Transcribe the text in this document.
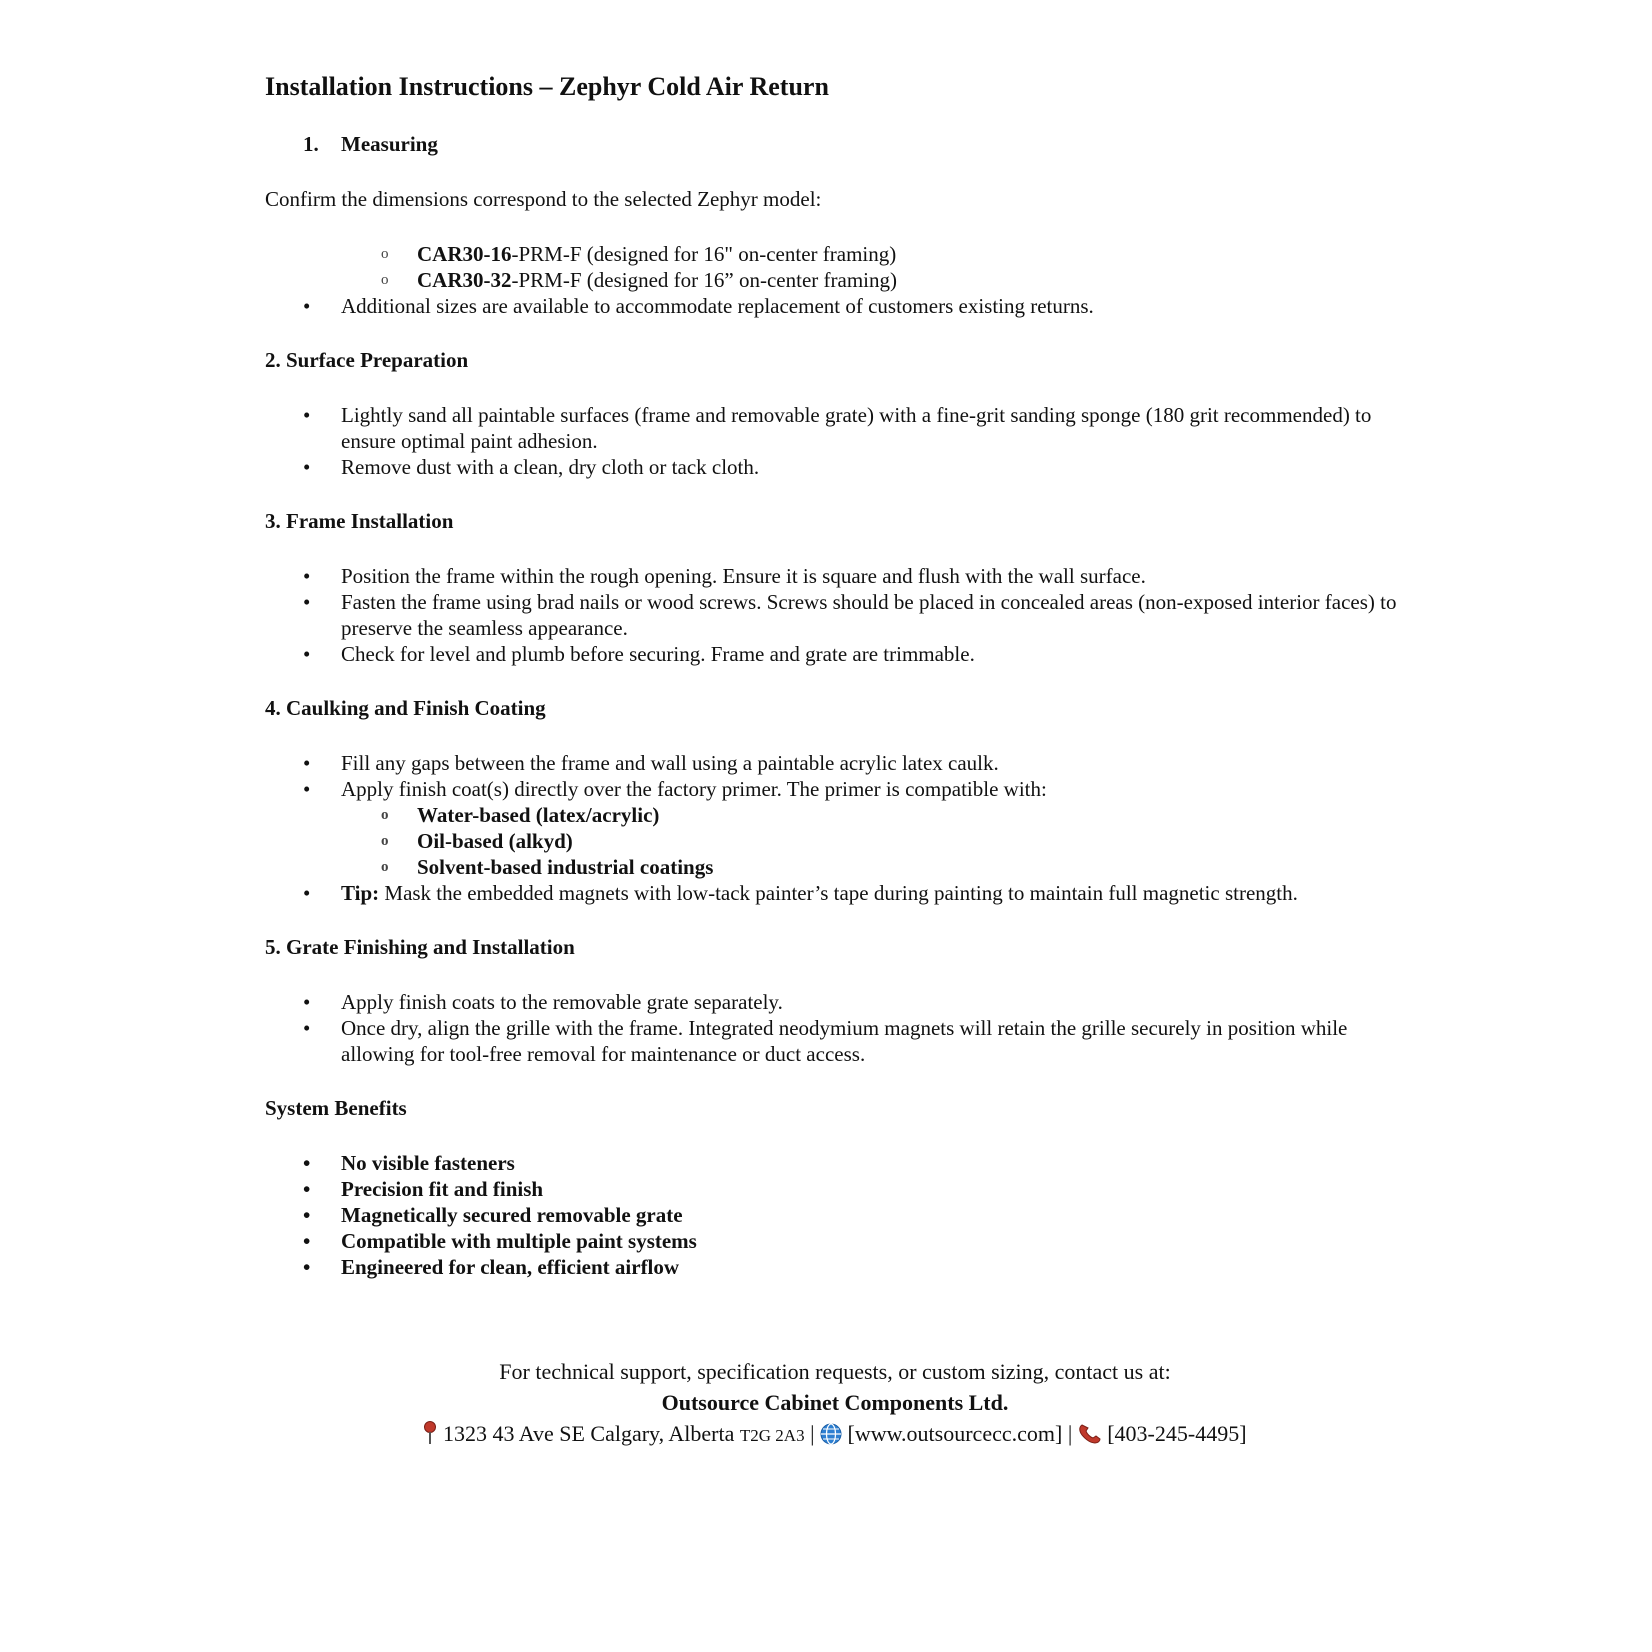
Installation Instructions – Zephyr Cold Air Return
1. Measuring

Confirm the dimensions correspond to the selected Zephyr model:

o CAR30-16-PRM-F (designed for 16" on-center framing)
o CAR30-32-PRM-F (designed for 16” on-center framing)
• Additional sizes are available to accommodate replacement of customers existing returns.
2. Surface Preparation
• Lightly sand all paintable surfaces (frame and removable grate) with a fine-grit sanding sponge (180 grit recommended) to ensure optimal paint adhesion.
• Remove dust with a clean, dry cloth or tack cloth.
3. Frame Installation
• Position the frame within the rough opening. Ensure it is square and flush with the wall surface.
• Fasten the frame using brad nails or wood screws. Screws should be placed in concealed areas (non-exposed interior faces) to preserve the seamless appearance.
• Check for level and plumb before securing. Frame and grate are trimmable.
4. Caulking and Finish Coating
• Fill any gaps between the frame and wall using a paintable acrylic latex caulk.
• Apply finish coat(s) directly over the factory primer. The primer is compatible with:
o Water-based (latex/acrylic)
o Oil-based (alkyd)
o Solvent-based industrial coatings
• Tip: Mask the embedded magnets with low-tack painter’s tape during painting to maintain full magnetic strength.
5. Grate Finishing and Installation
• Apply finish coats to the removable grate separately.
• Once dry, align the grille with the frame. Integrated neodymium magnets will retain the grille securely in position while allowing for tool-free removal for maintenance or duct access.
System Benefits
• No visible fasteners
• Precision fit and finish
• Magnetically secured removable grate
• Compatible with multiple paint systems
• Engineered for clean, efficient airflow
For technical support, specification requests, or custom sizing, contact us at:
Outsource Cabinet Components Ltd.
1323 43 Ave SE Calgary, Alberta T2G 2A3 | [www.outsourcecc.com] | [403-245-4495]
